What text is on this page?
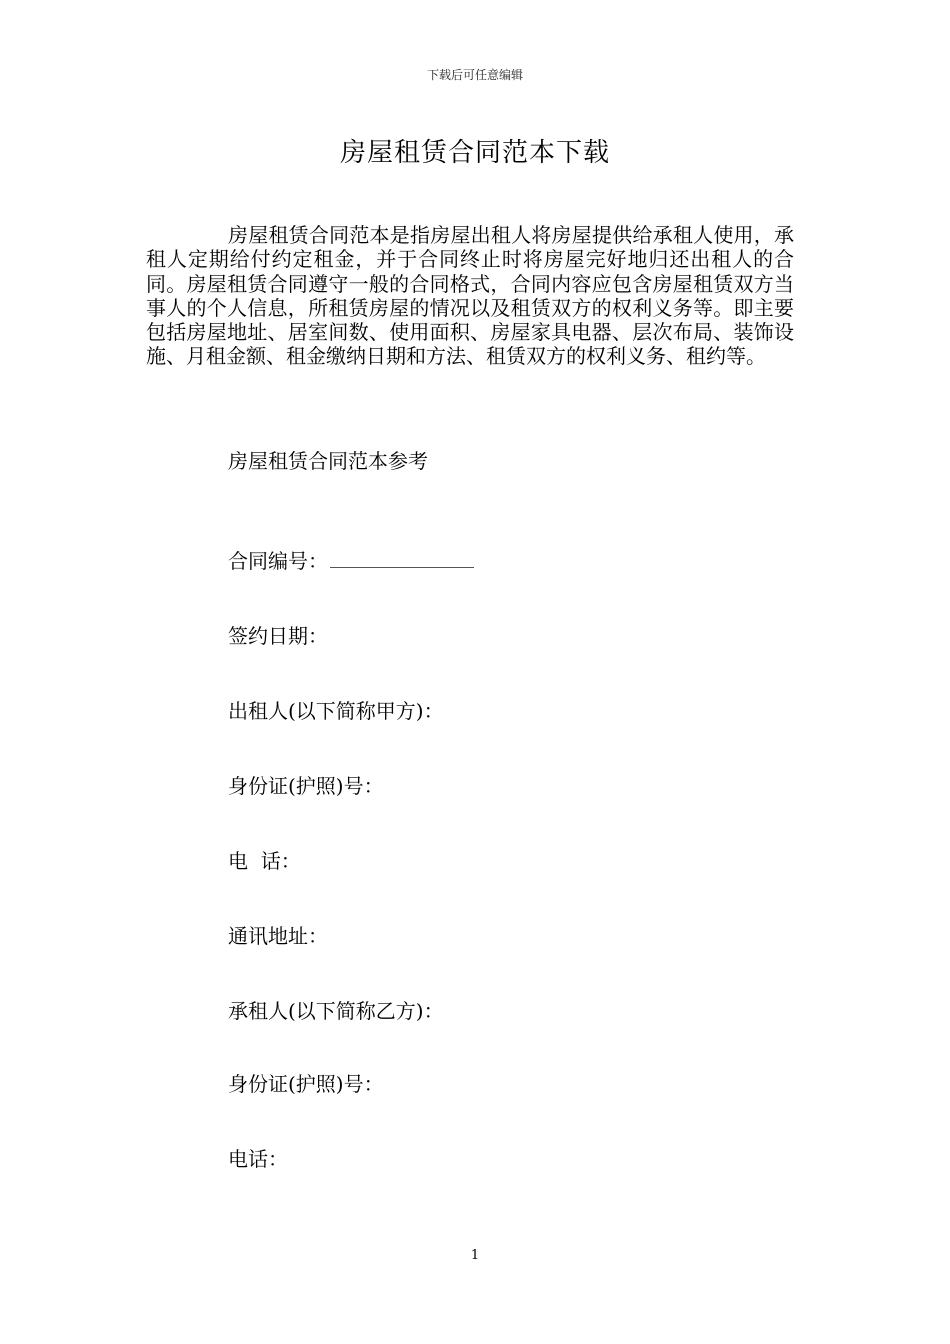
下载后可任意编辑
房屋租赁合同范本下载

房屋租赁合同范本是指房屋出租人将房屋提供给承租人使用，承租人定期给付约定租金，并于合同终止时将房屋完好地归还出租人的合同。房屋租赁合同遵守一般的合同格式，合同内容应包含房屋租赁双方当事人的个人信息，所租赁房屋的情况以及租赁双方的权利义务等。即主要包括房屋地址、居室间数、使用面积、房屋家具电器、层次布局、装饰设施、月租金额、租金缴纳日期和方法、租赁双方的权利义务、租约等。

房屋租赁合同范本参考
合同编号：
签约日期：
出租人(以下简称甲方)：
身份证(护照)号：
电  话：
通讯地址：
承租人(以下简称乙方)：
身份证(护照)号：
电话：
1
